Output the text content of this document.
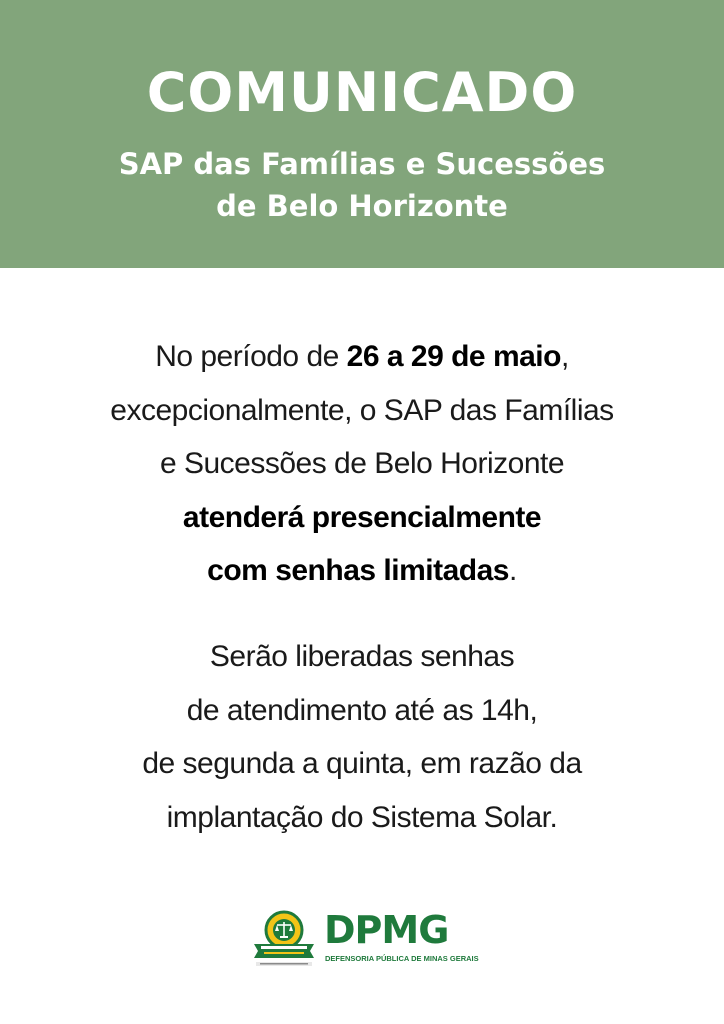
COMUNICADO
SAP das Famílias e Sucessões
de Belo Horizonte
No período de 26 a 29 de maio,
excepcionalmente, o SAP das Famílias
e Sucessões de Belo Horizonte
atenderá presencialmente
com senhas limitadas.
Serão liberadas senhas
de atendimento até as 14h,
de segunda a quinta, em razão da
implantação do Sistema Solar.
DPMG
DEFENSORIA PÚBLICA DE MINAS GERAIS
